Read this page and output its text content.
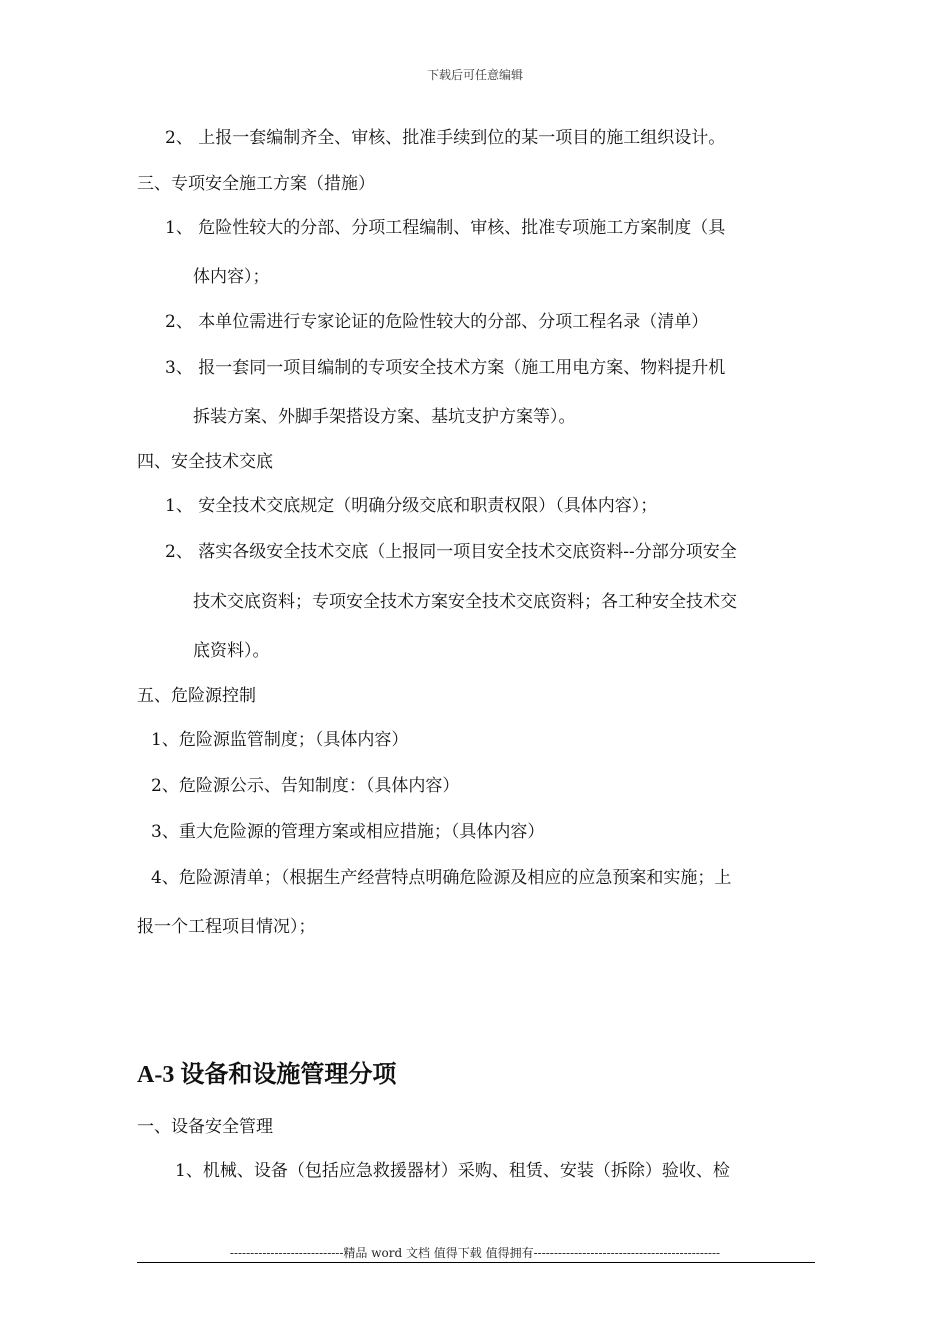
下载后可任意编辑
2、 上报一套编制齐全、审核、批准手续到位的某一项目的施工组织设计。
三、专项安全施工方案（措施）
1、 危险性较大的分部、分项工程编制、审核、批准专项施工方案制度（具
体内容）；
2、 本单位需进行专家论证的危险性较大的分部、分项工程名录（清单）
3、 报一套同一项目编制的专项安全技术方案（施工用电方案、物料提升机
拆装方案、外脚手架搭设方案、基坑支护方案等）。
四、安全技术交底
1、 安全技术交底规定（明确分级交底和职责权限）（具体内容）；
2、 落实各级安全技术交底（上报同一项目安全技术交底资料--分部分项安全
技术交底资料；专项安全技术方案安全技术交底资料；各工种安全技术交
底资料）。
五、危险源控制
1、危险源监管制度；（具体内容）
2、危险源公示、告知制度：（具体内容）
3、重大危险源的管理方案或相应措施；（具体内容）
4、危险源清单；（根据生产经营特点明确危险源及相应的应急预案和实施；上
报一个工程项目情况）；
A-3 设备和设施管理分项
一、设备安全管理
1、机械、设备（包括应急救援器材）采购、租赁、安装（拆除）验收、检
----------------------------精品 word 文档 值得下载 值得拥有----------------------------------------------
